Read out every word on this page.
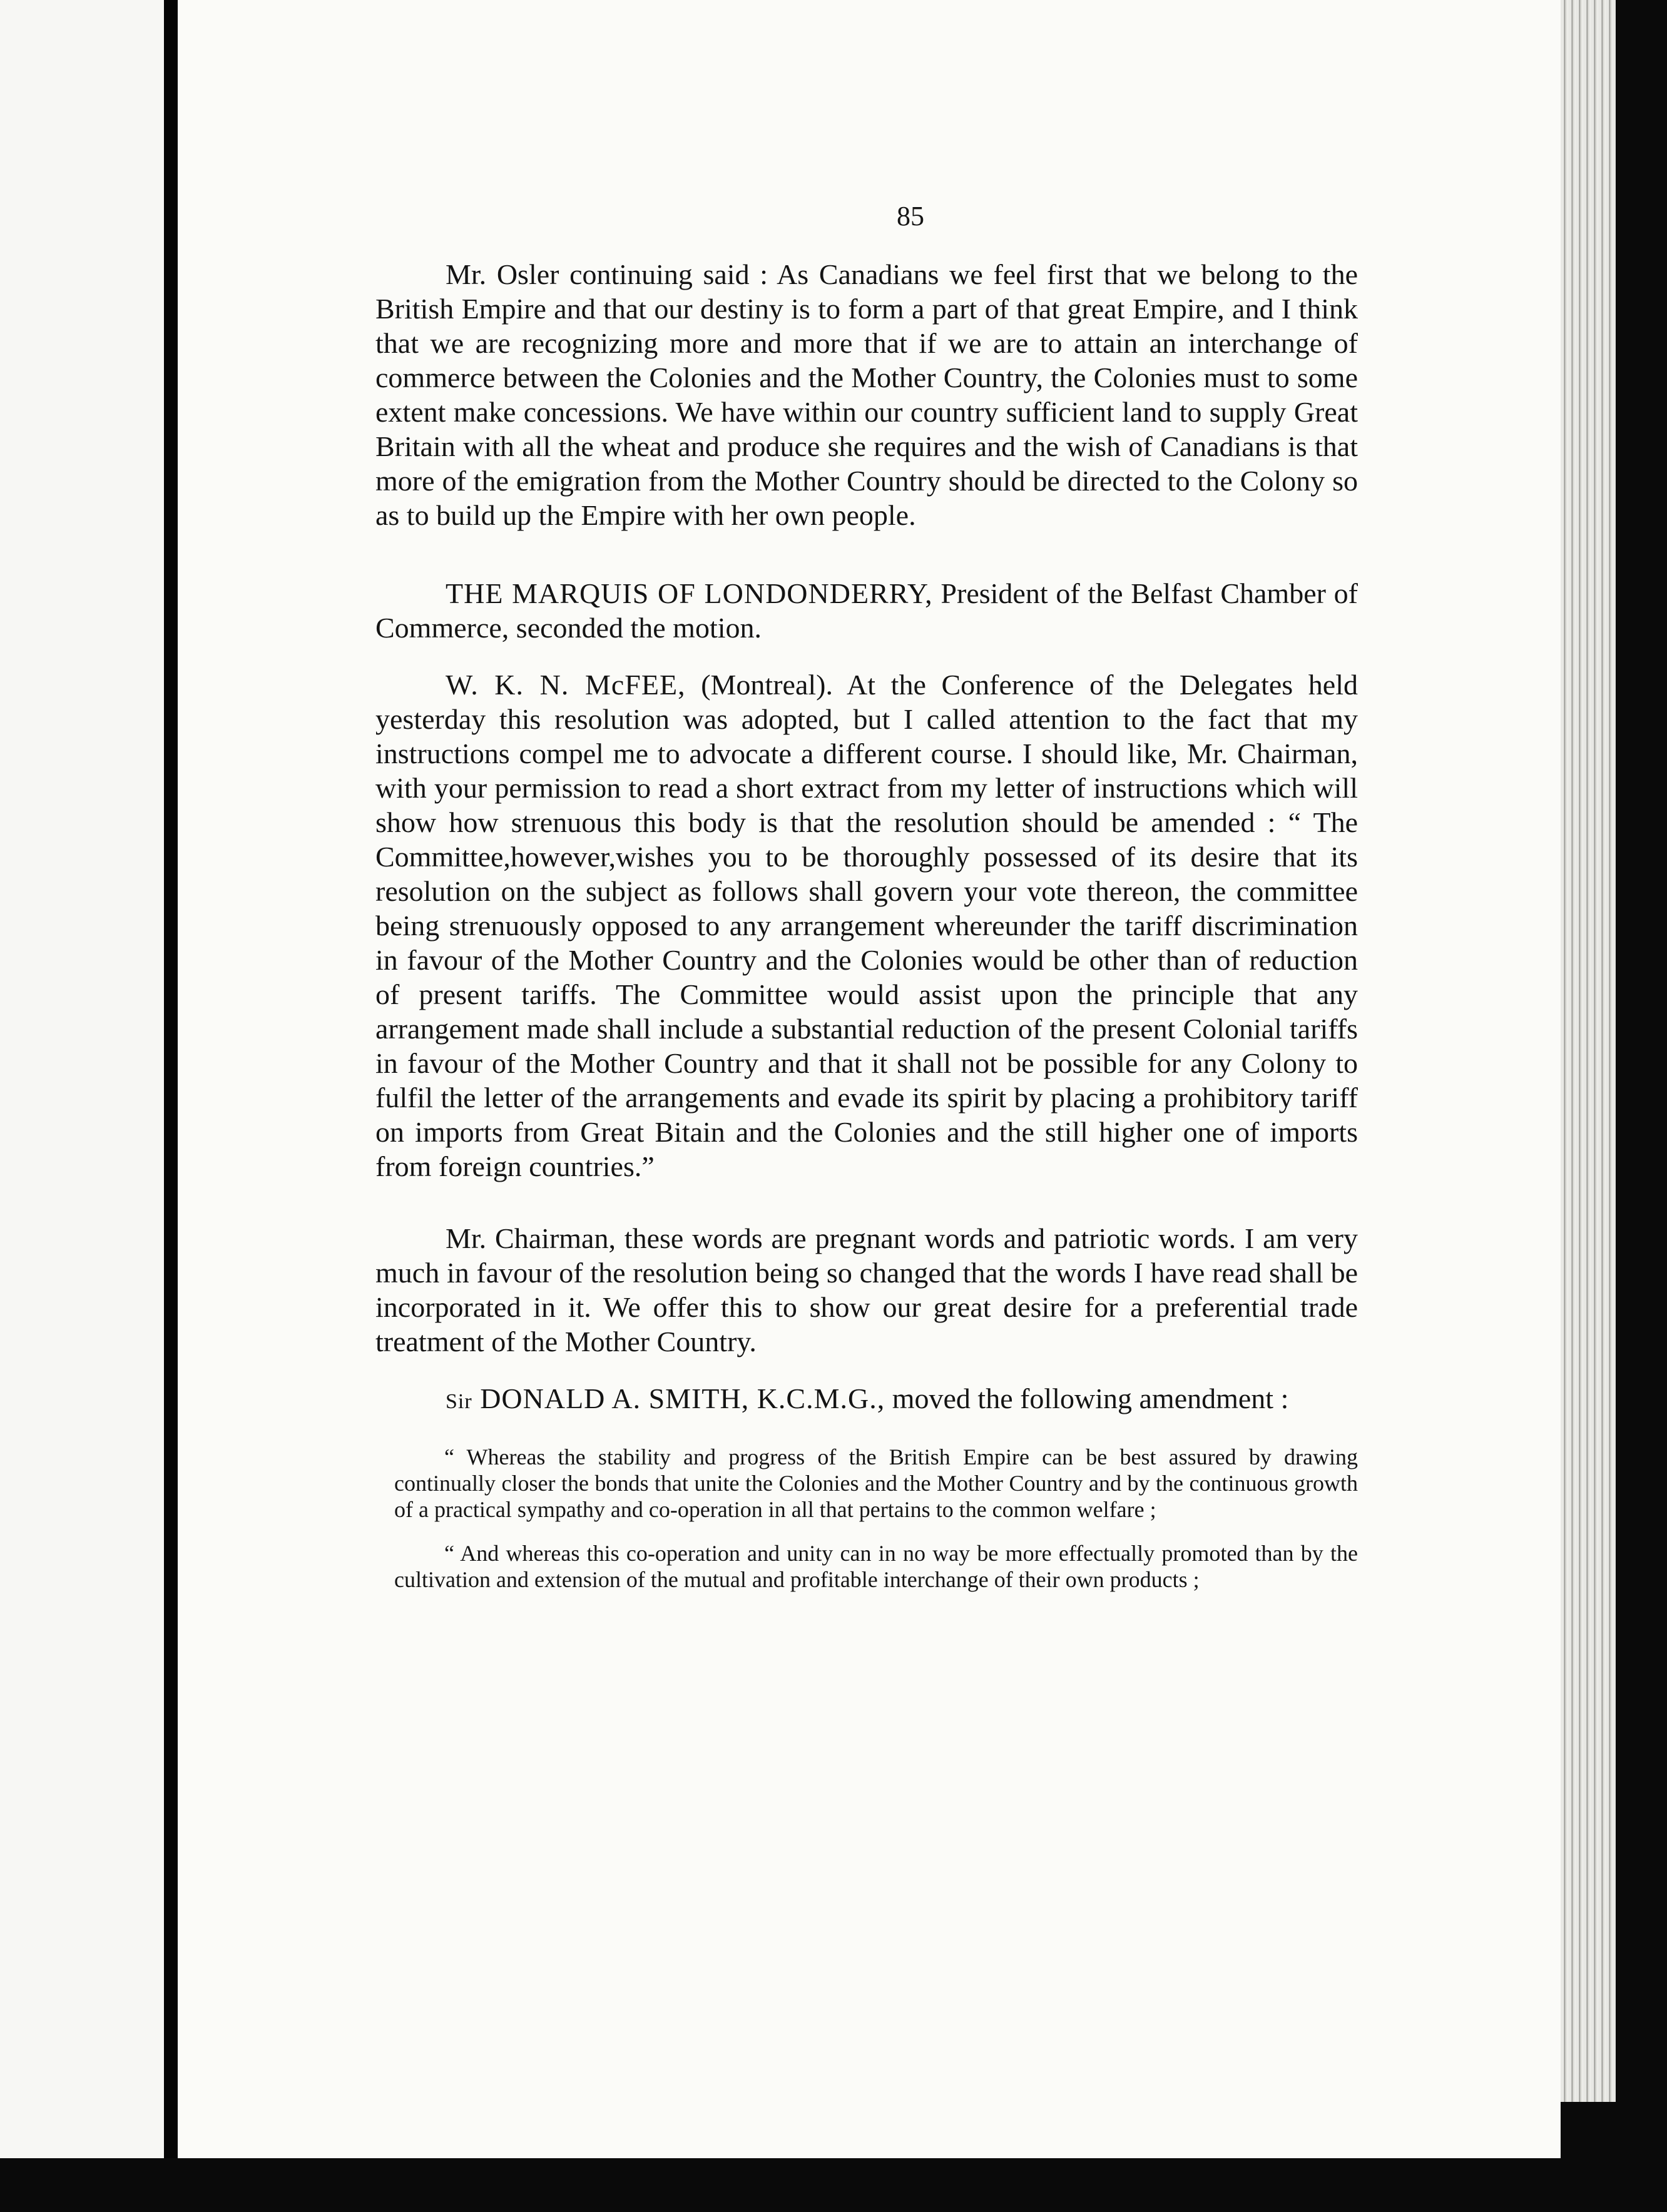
85

Mr. Osler continuing said : As Canadians we feel first that we belong to the British Empire and that our destiny is to form a part of that great Empire, and I think that we are recognizing more and more that if we are to attain an interchange of commerce between the Colonies and the Mother Country, the Colonies must to some extent make concessions. We have within our country sufficient land to supply Great Britain with all the wheat and produce she requires and the wish of Canadians is that more of the emigration from the Mother Country should be directed to the Colony so as to build up the Empire with her own people.

THE MARQUIS OF LONDONDERRY, President of the Belfast Chamber of Commerce, seconded the motion.

W. K. N. McFEE, (Montreal). At the Conference of the Delegates held yesterday this resolution was adopted, but I called attention to the fact that my instructions compel me to advocate a different course. I should like, Mr. Chairman, with your permission to read a short extract from my letter of instructions which will show how strenuous this body is that the resolution should be amended : “ The Committee,however,wishes you to be thoroughly possessed of its desire that its resolution on the subject as follows shall govern your vote thereon, the committee being strenuously opposed to any arrangement whereunder the tariff discrimination in favour of the Mother Country and the Colonies would be other than of reduction of present tariffs. The Committee would assist upon the principle that any arrangement made shall include a substantial reduction of the present Colonial tariffs in favour of the Mother Country and that it shall not be possible for any Colony to fulfil the letter of the arrangements and evade its spirit by placing a prohibitory tariff on imports from Great Bitain and the Colonies and the still higher one of imports from foreign countries.”

Mr. Chairman, these words are pregnant words and patriotic words. I am very much in favour of the resolution being so changed that the words I have read shall be incorporated in it. We offer this to show our great desire for a preferential trade treatment of the Mother Country.

Sir DONALD A. SMITH, K.C.M.G., moved the following amendment :

“ Whereas the stability and progress of the British Empire can be best assured by drawing continually closer the bonds that unite the Colonies and the Mother Country and by the continuous growth of a practical sympathy and co-operation in all that pertains to the common welfare ;

“ And whereas this co-operation and unity can in no way be more effectually promoted than by the cultivation and extension of the mutual and profitable interchange of their own products ;
